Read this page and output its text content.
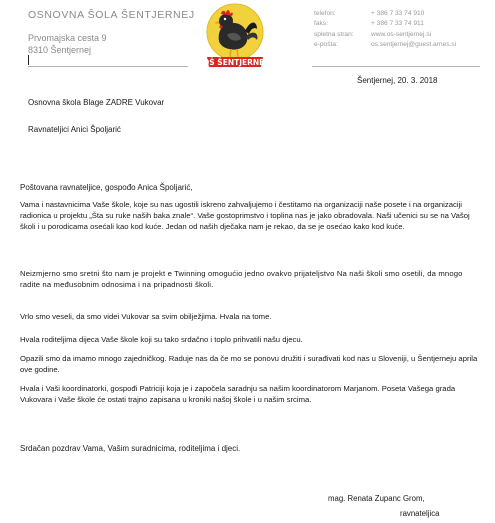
OSNOVNA ŠOLA ŠENTJERNEJ
Prvomajska cesta 9
8310 Šentjernej
OŠ ŠENTJERNEJ
telefon:	+ 386 7 33 74 910
faks:	+ 386 7 33 74 911
spletna stran:	www.os-sentjernej.si
e-pošta:	os.sentjernej@guest.arnes.si
Šentjernej, 20. 3. 2018
Osnovna škola Blage ZADRE Vukovar
Ravnateljici Anici Špoljarić
Poštovana ravnateljice, gospođo Anica Špoljarić,
Vama i nastavnicima Vaše škole, koje su nas ugostili iskreno zahvaljujemo i čestitamo na organizaciji naše posete i na organizaciji radionica u projektu „Šta su ruke naših baka znale“. Vaše gostoprimstvo i toplina nas je jako obradovala. Naši učenici su se na Vašoj školi i u porodicama osećali kao kod kuće. Jedan od naših dječaka nam je rekao, da se je osećao kako kod kuće.
Neizmjerno smo sretni što nam je projekt e Twinning omogućio jedno ovakvo prijateljstvo Na naši školi smo osetili, da mnogo radite na međusobnim odnosima i na pripadnosti školi.
Vrlo smo veseli, da smo videi Vukovar sa svim obilježjima. Hvala na tome.
Hvala roditeljima dijeca Vaše škole koji su tako srdačno i toplo prihvatili našu djecu.
Opazili smo da imamo mnogo zajedničkog. Raduje nas da če mo se ponovu družiti i surađivati kod nas u Sloveniji, u Šentjerneju aprila ove godine.
Hvala i Vaši koordinatorki, gospođi Patriciji koja je i započela saradnju sa našim koordinatorom Marjanom. Poseta Vašega grada Vukovara i Vaše škole će ostati trajno zapisana u kroniki našoj škole i u našim srcima.
Srdačan pozdrav Vama, Vašim suradnicima, roditeljima i djeci.
mag. Renata Zupanc Grom,
ravnateljica
